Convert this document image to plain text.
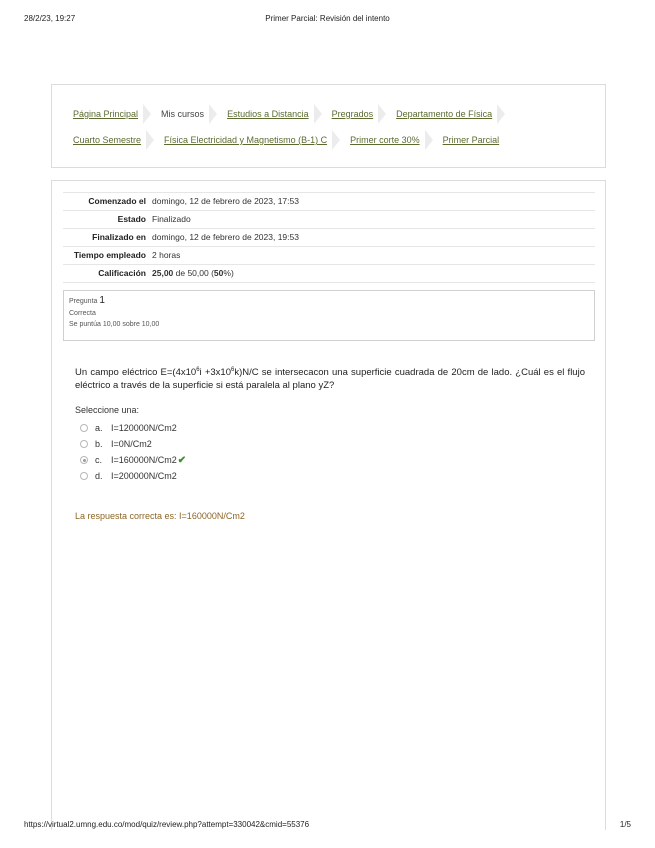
28/2/23, 19:27	Primer Parcial: Revisión del intento
Página Principal	Mis cursos	Estudios a Distancia	Pregrados	Departamento de Física
Cuarto Semestre	Física Electricidad y Magnetismo (B-1) C	Primer corte 30%	Primer Parcial
Comenzado el	domingo, 12 de febrero de 2023, 17:53
Estado	Finalizado
Finalizado en	domingo, 12 de febrero de 2023, 19:53
Tiempo empleado	2 horas
Calificación	25,00 de 50,00 (50%)
Pregunta 1
Correcta
Se puntúa 10,00 sobre 10,00
Un campo eléctrico $E=(4x10^6i +3x10^6k)N/C$ se intersecacon una superficie cuadrada de 20cm de lado. ¿Cuál es el flujo eléctrico a través de la superficie si está paralela al plano yZ?
Seleccione una:
a. I=120000N/Cm2
b. I=0N/Cm2
c. I=160000N/Cm2 ✔
d. I=200000N/Cm2
La respuesta correcta es: I=160000N/Cm2
https://virtual2.umng.edu.co/mod/quiz/review.php?attempt=330042&cmid=55376	1/5
